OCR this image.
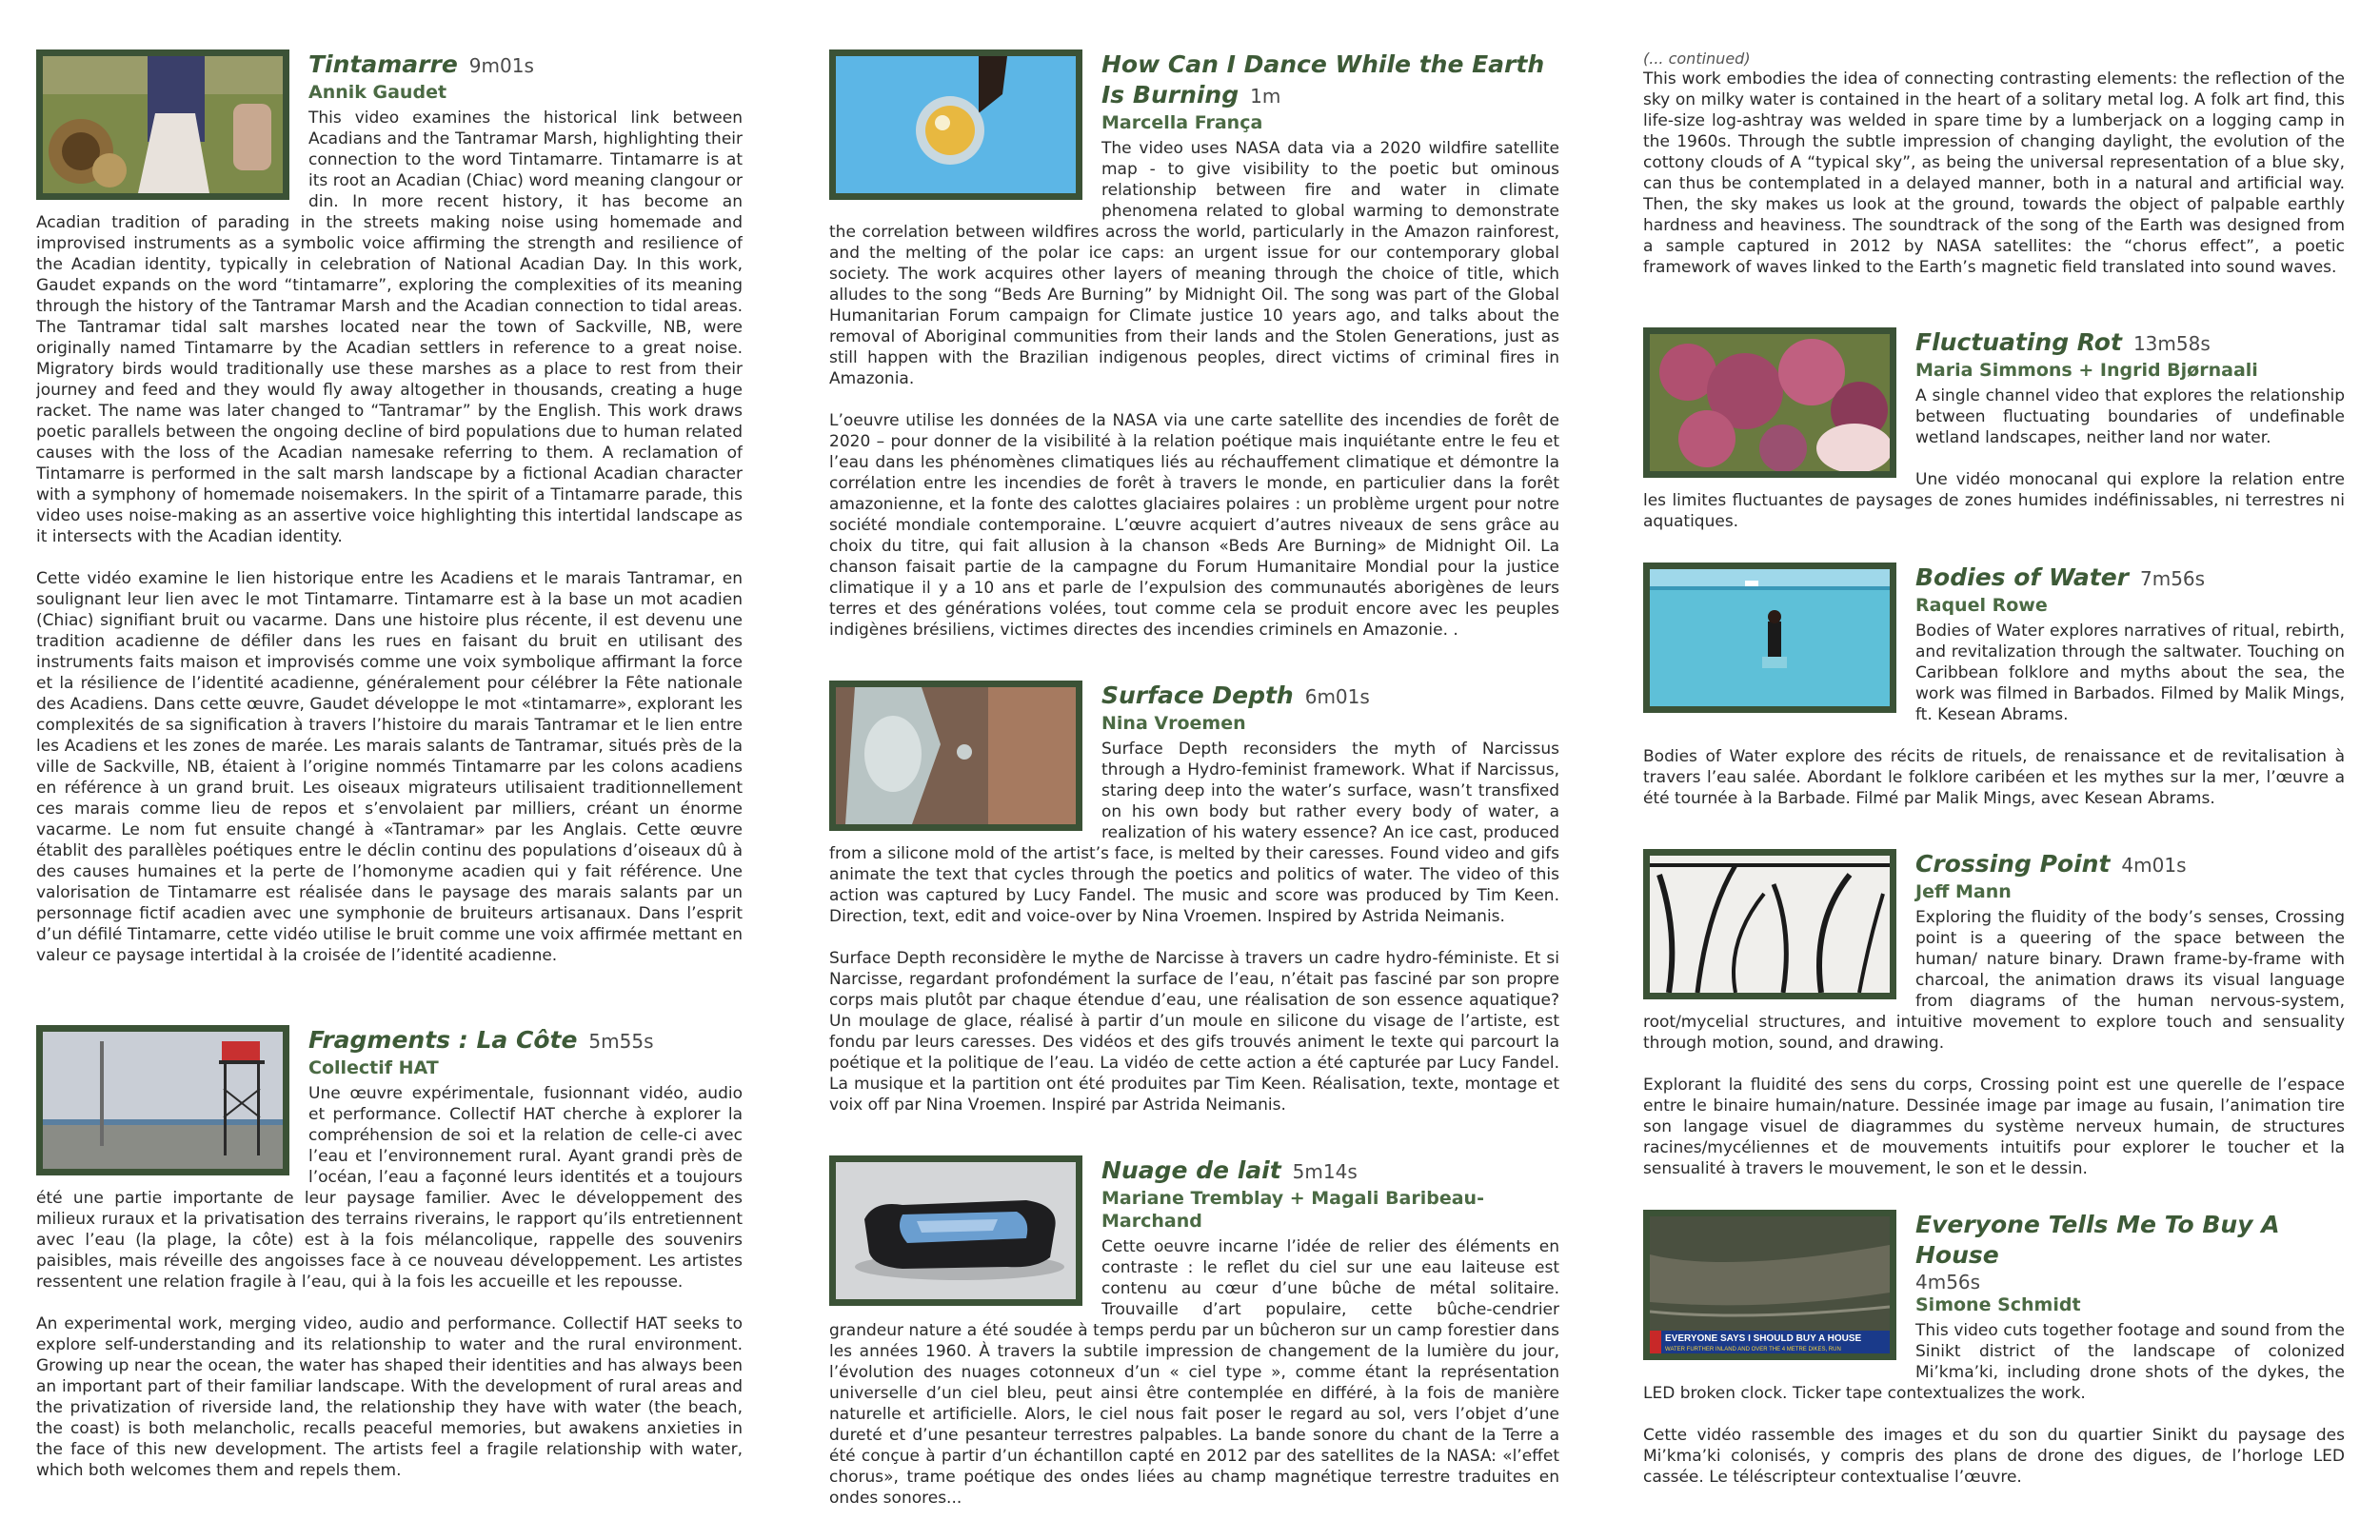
Tintamarre 9m01s
Annik Gaudet

This video examines the historical link between Acadians and the Tantramar Marsh, highlighting their connection to the word Tintamarre. Tintamarre is at its root an Acadian (Chiac) word meaning clangour or din. In more recent history, it has become an Acadian tradition of parading in the streets making noise using homemade and improvised instruments as a symbolic voice affirming the strength and resilience of the Acadian identity, typically in celebration of National Acadian Day. In this work, Gaudet expands on the word “tintamarre”, exploring the complexities of its meaning through the history of the Tantramar Marsh and the Acadian connection to tidal areas. The Tantramar tidal salt marshes located near the town of Sackville, NB, were originally named Tintamarre by the Acadian settlers in reference to a great noise. Migratory birds would traditionally use these marshes as a place to rest from their journey and feed and they would fly away altogether in thousands, creating a huge racket. The name was later changed to “Tantramar” by the English. This work draws poetic parallels between the ongoing decline of bird populations due to human related causes with the loss of the Acadian namesake referring to them. A reclamation of Tintamarre is performed in the salt marsh landscape by a fictional Acadian character with a symphony of homemade noisemakers. In the spirit of a Tintamarre parade, this video uses noise-making as an assertive voice highlighting this intertidal landscape as it intersects with the Acadian identity.

Cette vidéo examine le lien historique entre les Acadiens et le marais Tantramar, en soulignant leur lien avec le mot Tintamarre. Tintamarre est à la base un mot acadien (Chiac) signifiant bruit ou vacarme. Dans une histoire plus récente, il est devenu une tradition acadienne de défiler dans les rues en faisant du bruit en utilisant des instruments faits maison et improvisés comme une voix symbolique affirmant la force et la résilience de l’identité acadienne, généralement pour célébrer la Fête nationale des Acadiens. Dans cette œuvre, Gaudet développe le mot «tintamarre», explorant les complexités de sa signification à travers l’histoire du marais Tantramar et le lien entre les Acadiens et les zones de marée. Les marais salants de Tantramar, situés près de la ville de Sackville, NB, étaient à l’origine nommés Tintamarre par les colons acadiens en référence à un grand bruit. Les oiseaux migrateurs utilisaient traditionnellement ces marais comme lieu de repos et s’envolaient par milliers, créant un énorme vacarme. Le nom fut ensuite changé à «Tantramar» par les Anglais. Cette œuvre établit des parallèles poétiques entre le déclin continu des populations d’oiseaux dû à des causes humaines et la perte de l’homonyme acadien qui y fait référence. Une valorisation de Tintamarre est réalisée dans le paysage des marais salants par un personnage fictif acadien avec une symphonie de bruiteurs artisanaux. Dans l’esprit d’un défilé Tintamarre, cette vidéo utilise le bruit comme une voix affirmée mettant en valeur ce paysage intertidal à la croisée de l’identité acadienne.

Fragments : La Côte 5m55s
Collectif HAT

Une œuvre expérimentale, fusionnant vidéo, audio et performance. Collectif HAT cherche à explorer la compréhension de soi et la relation de celle-ci avec l’eau et l’environnement rural. Ayant grandi près de l’océan, l’eau a façonné leurs identités et a toujours été une partie importante de leur paysage familier. Avec le développement des milieux ruraux et la privatisation des terrains riverains, le rapport qu’ils entretiennent avec l’eau (la plage, la côte) est à la fois mélancolique, rappelle des souvenirs paisibles, mais réveille des angoisses face à ce nouveau développement. Les artistes ressentent une relation fragile à l’eau, qui à la fois les accueille et les repousse.

An experimental work, merging video, audio and performance. Collectif HAT seeks to explore self-understanding and its relationship to water and the rural environment. Growing up near the ocean, the water has shaped their identities and has always been an important part of their familiar landscape. With the development of rural areas and the privatization of riverside land, the relationship they have with water (the beach, the coast) is both melancholic, recalls peaceful memories, but awakens anxieties in the face of this new development. The artists feel a fragile relationship with water, which both welcomes them and repels them.

How Can I Dance While the Earth Is Burning 1m
Marcella França

The video uses NASA data via a 2020 wildfire satellite map - to give visibility to the poetic but ominous relationship between fire and water in climate phenomena related to global warming to demonstrate the correlation between wildfires across the world, particularly in the Amazon rainforest, and the melting of the polar ice caps: an urgent issue for our contemporary global society. The work acquires other layers of meaning through the choice of title, which alludes to the song “Beds Are Burning” by Midnight Oil. The song was part of the Global Humanitarian Forum campaign for Climate justice 10 years ago, and talks about the removal of Aboriginal communities from their lands and the Stolen Generations, just as still happen with the Brazilian indigenous peoples, direct victims of criminal fires in Amazonia.

L’oeuvre utilise les données de la NASA via une carte satellite des incendies de forêt de 2020 – pour donner de la visibilité à la relation poétique mais inquiétante entre le feu et l’eau dans les phénomènes climatiques liés au réchauffement climatique et démontre la corrélation entre les incendies de forêt à travers le monde, en particulier dans la forêt amazonienne, et la fonte des calottes glaciaires polaires : un problème urgent pour notre société mondiale contemporaine. L’œuvre acquiert d’autres niveaux de sens grâce au choix du titre, qui fait allusion à la chanson «Beds Are Burning» de Midnight Oil. La chanson faisait partie de la campagne du Forum Humanitaire Mondial pour la justice climatique il y a 10 ans et parle de l’expulsion des communautés aborigènes de leurs terres et des générations volées, tout comme cela se produit encore avec les peuples indigènes brésiliens, victimes directes des incendies criminels en Amazonie. .

Surface Depth 6m01s
Nina Vroemen

Surface Depth reconsiders the myth of Narcissus through a Hydro-feminist framework. What if Narcissus, staring deep into the water’s surface, wasn’t transfixed on his own body but rather every body of water, a realization of his watery essence? An ice cast, produced from a silicone mold of the artist’s face, is melted by their caresses. Found video and gifs animate the text that cycles through the poetics and politics of water. The video of this action was captured by Lucy Fandel. The music and score was produced by Tim Keen. Direction, text, edit and voice-over by Nina Vroemen. Inspired by Astrida Neimanis.

Surface Depth reconsidère le mythe de Narcisse à travers un cadre hydro-féministe. Et si Narcisse, regardant profondément la surface de l’eau, n’était pas fasciné par son propre corps mais plutôt par chaque étendue d’eau, une réalisation de son essence aquatique? Un moulage de glace, réalisé à partir d’un moule en silicone du visage de l’artiste, est fondu par leurs caresses. Des vidéos et des gifs trouvés animent le texte qui parcourt la poétique et la politique de l’eau. La vidéo de cette action a été capturée par Lucy Fandel. La musique et la partition ont été produites par Tim Keen. Réalisation, texte, montage et voix off par Nina Vroemen. Inspiré par Astrida Neimanis.

Nuage de lait 5m14s
Mariane Tremblay + Magali Baribeau-Marchand

Cette oeuvre incarne l’idée de relier des éléments en contraste : le reflet du ciel sur une eau laiteuse est contenu au cœur d’une bûche de métal solitaire. Trouvaille d’art populaire, cette bûche-cendrier grandeur nature a été soudée à temps perdu par un bûcheron sur un camp forestier dans les années 1960. À travers la subtile impression de changement de la lumière du jour, l’évolution des nuages cotonneux d’un « ciel type », comme étant la représentation universelle d’un ciel bleu, peut ainsi être contemplée en différé, à la fois de manière naturelle et artificielle. Alors, le ciel nous fait poser le regard au sol, vers l’objet d’une dureté et d’une pesanteur terrestres palpables. La bande sonore du chant de la Terre a été conçue à partir d’un échantillon capté en 2012 par des satellites de la NASA: «l’effet chorus», trame poétique des ondes liées au champ magnétique terrestre traduites en ondes sonores...

(... continued)

This work embodies the idea of connecting contrasting elements: the reflection of the sky on milky water is contained in the heart of a solitary metal log. A folk art find, this life-size log-ashtray was welded in spare time by a lumberjack on a logging camp in the 1960s. Through the subtle impression of changing daylight, the evolution of the cottony clouds of A “typical sky”, as being the universal representation of a blue sky, can thus be contemplated in a delayed manner, both in a natural and artificial way. Then, the sky makes us look at the ground, towards the object of palpable earthly hardness and heaviness. The soundtrack of the song of the Earth was designed from a sample captured in 2012 by NASA satellites: the “chorus effect”, a poetic framework of waves linked to the Earth’s magnetic field translated into sound waves.

Fluctuating Rot 13m58s
Maria Simmons + Ingrid Bjørnaali

A single channel video that explores the relationship between fluctuating boundaries of undefinable wetland landscapes, neither land nor water.

Une vidéo monocanal qui explore la relation entre les limites fluctuantes de paysages de zones humides indéfinissables, ni terrestres ni aquatiques.

Bodies of Water 7m56s
Raquel Rowe

Bodies of Water explores narratives of ritual, rebirth, and revitalization through the saltwater. Touching on Caribbean folklore and myths about the sea, the work was filmed in Barbados. Filmed by Malik Mings, ft. Kesean Abrams.

Bodies of Water explore des récits de rituels, de renaissance et de revitalisation à travers l’eau salée. Abordant le folklore caribéen et les mythes sur la mer, l’œuvre a été tournée à la Barbade. Filmé par Malik Mings, avec Kesean Abrams.

Crossing Point 4m01s
Jeff Mann

Exploring the fluidity of the body’s senses, Crossing point is a queering of the space between the human/ nature binary. Drawn frame-by-frame with charcoal, the animation draws its visual language from diagrams of the human nervous-system, root/mycelial structures, and intuitive movement to explore touch and sensuality through motion, sound, and drawing.

Explorant la fluidité des sens du corps, Crossing point est une querelle de l’espace entre le binaire humain/nature. Dessinée image par image au fusain, l’animation tire son langage visuel de diagrammes du système nerveux humain, de structures racines/mycéliennes et de mouvements intuitifs pour explorer le toucher et la sensualité à travers le mouvement, le son et le dessin.

EVERYONE SAYS I SHOULD BUY A HOUSE
WATER FURTHER INLAND AND OVER THE 4 METRE DIKES, RUN
Everyone Tells Me To Buy A House
4m56s
Simone Schmidt

This video cuts together footage and sound from the Sinikt district of the landscape of colonized Mi’kma’ki, including drone shots of the dykes, the LED broken clock. Ticker tape contextualizes the work.

Cette vidéo rassemble des images et du son du quartier Sinikt du paysage des Mi’kma’ki colonisés, y compris des plans de drone des digues, de l’horloge LED cassée. Le téléscripteur contextualise l’œuvre.
